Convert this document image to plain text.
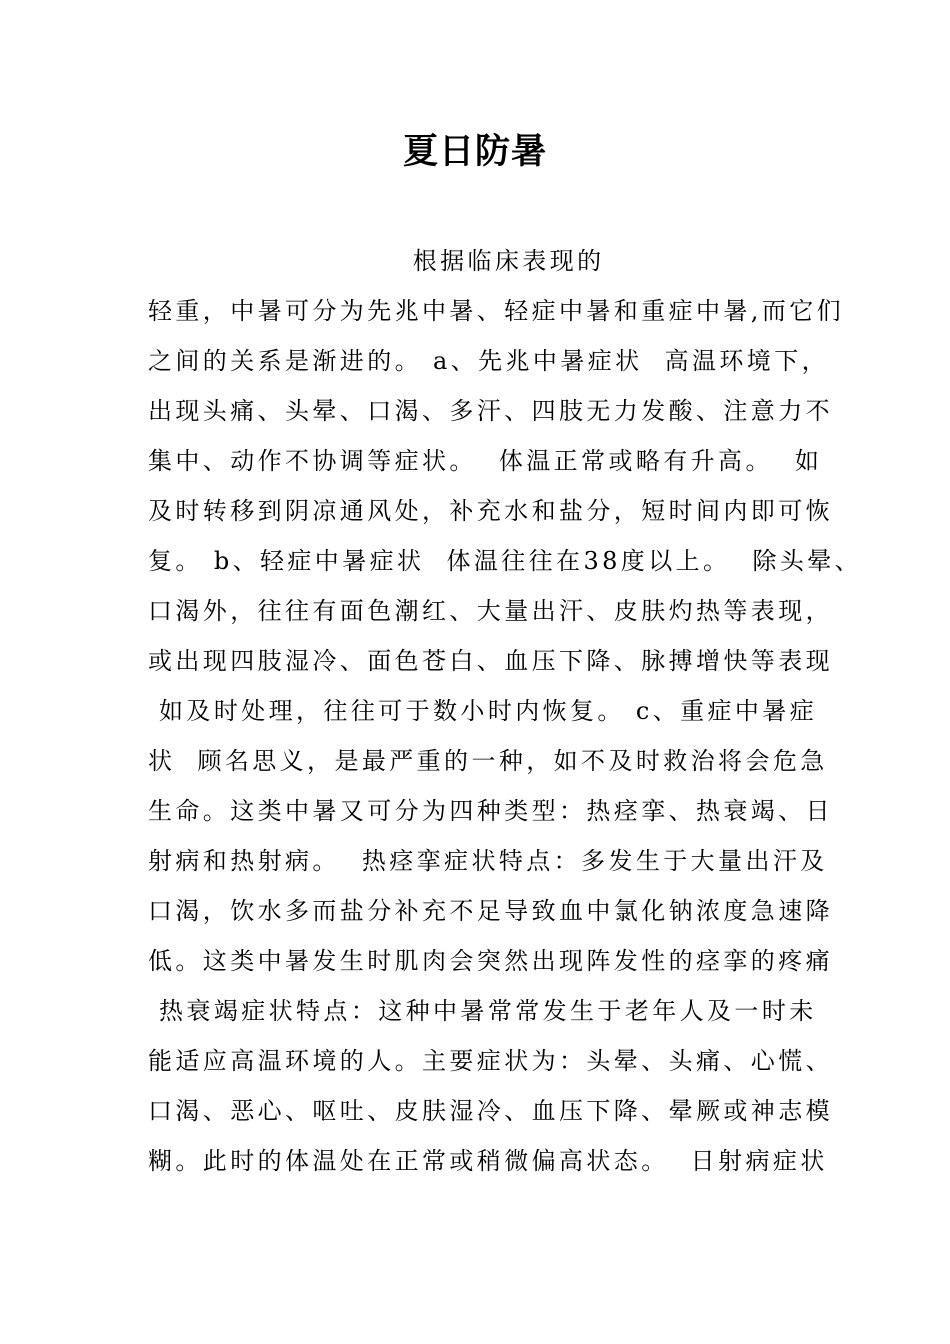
夏日防暑
根据临床表现的
轻重，中暑可分为先兆中暑、轻症中暑和重症中暑,而它们
之间的关系是渐进的。 a、先兆中暑症状  高温环境下，
出现头痛、头晕、口渴、多汗、四肢无力发酸、注意力不
集中、动作不协调等症状。  体温正常或略有升高。  如
及时转移到阴凉通风处，补充水和盐分，短时间内即可恢
复。 b、轻症中暑症状  体温往往在38度以上。  除头晕、
口渴外，往往有面色潮红、大量出汗、皮肤灼热等表现，
或出现四肢湿冷、面色苍白、血压下降、脉搏增快等表现
如及时处理，往往可于数小时内恢复。 c、重症中暑症
状  顾名思义，是最严重的一种，如不及时救治将会危急
生命。这类中暑又可分为四种类型：热痉挛、热衰竭、日
射病和热射病。  热痉挛症状特点：多发生于大量出汗及
口渴，饮水多而盐分补充不足导致血中氯化钠浓度急速降
低。这类中暑发生时肌肉会突然出现阵发性的痉挛的疼痛
热衰竭症状特点：这种中暑常常发生于老年人及一时未
能适应高温环境的人。主要症状为：头晕、头痛、心慌、
口渴、恶心、呕吐、皮肤湿冷、血压下降、晕厥或神志模
糊。此时的体温处在正常或稍微偏高状态。  日射病症状
